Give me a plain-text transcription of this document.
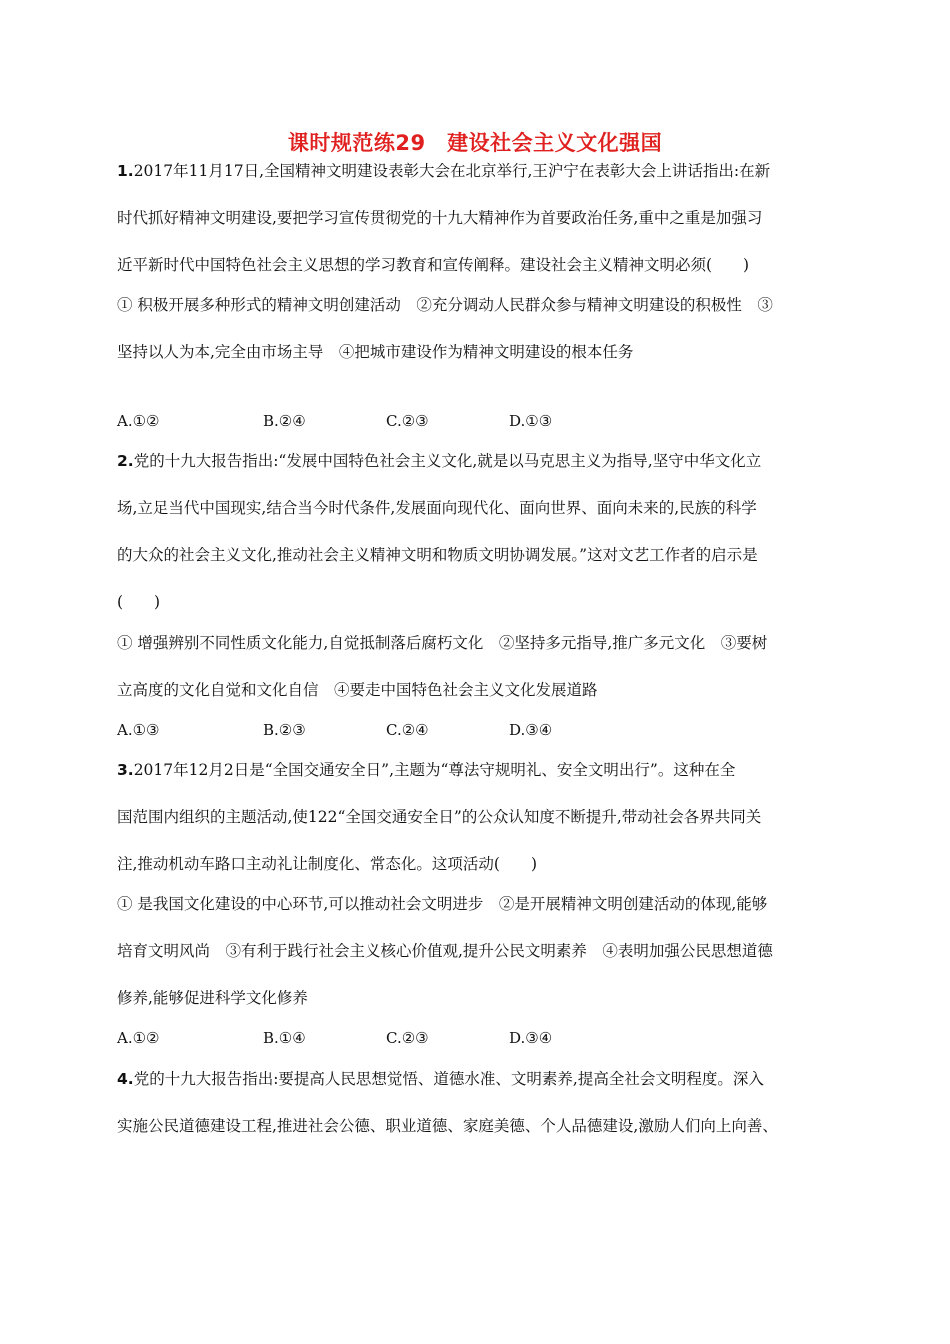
课时规范练29　建设社会主义文化强国
1.2017年11月17日,全国精神文明建设表彰大会在北京举行,王沪宁在表彰大会上讲话指出:在新
时代抓好精神文明建设,要把学习宣传贯彻党的十九大精神作为首要政治任务,重中之重是加强习
近平新时代中国特色社会主义思想的学习教育和宣传阐释。建设社会主义精神文明必须(　　)
① 积极开展多种形式的精神文明创建活动　②充分调动人民群众参与精神文明建设的积极性　③
坚持以人为本,完全由市场主导　④把城市建设作为精神文明建设的根本任务
A.①②	B.②④	C.②③	D.①③
2.党的十九大报告指出:“发展中国特色社会主义文化,就是以马克思主义为指导,坚守中华文化立
场,立足当代中国现实,结合当今时代条件,发展面向现代化、面向世界、面向未来的,民族的科学
的大众的社会主义文化,推动社会主义精神文明和物质文明协调发展。”这对文艺工作者的启示是
(　　)
① 增强辨别不同性质文化能力,自觉抵制落后腐朽文化　②坚持多元指导,推广多元文化　③要树
立高度的文化自觉和文化自信　④要走中国特色社会主义文化发展道路
A.①③	B.②③	C.②④	D.③④
3.2017年12月2日是“全国交通安全日”,主题为“尊法守规明礼、安全文明出行”。这种在全
国范围内组织的主题活动,使122“全国交通安全日”的公众认知度不断提升,带动社会各界共同关
注,推动机动车路口主动礼让制度化、常态化。这项活动(　　)
① 是我国文化建设的中心环节,可以推动社会文明进步　②是开展精神文明创建活动的体现,能够
培育文明风尚　③有利于践行社会主义核心价值观,提升公民文明素养　④表明加强公民思想道德
修养,能够促进科学文化修养
A.①②	B.①④	C.②③	D.③④
4.党的十九大报告指出:要提高人民思想觉悟、道德水准、文明素养,提高全社会文明程度。深入
实施公民道德建设工程,推进社会公德、职业道德、家庭美德、个人品德建设,激励人们向上向善、
